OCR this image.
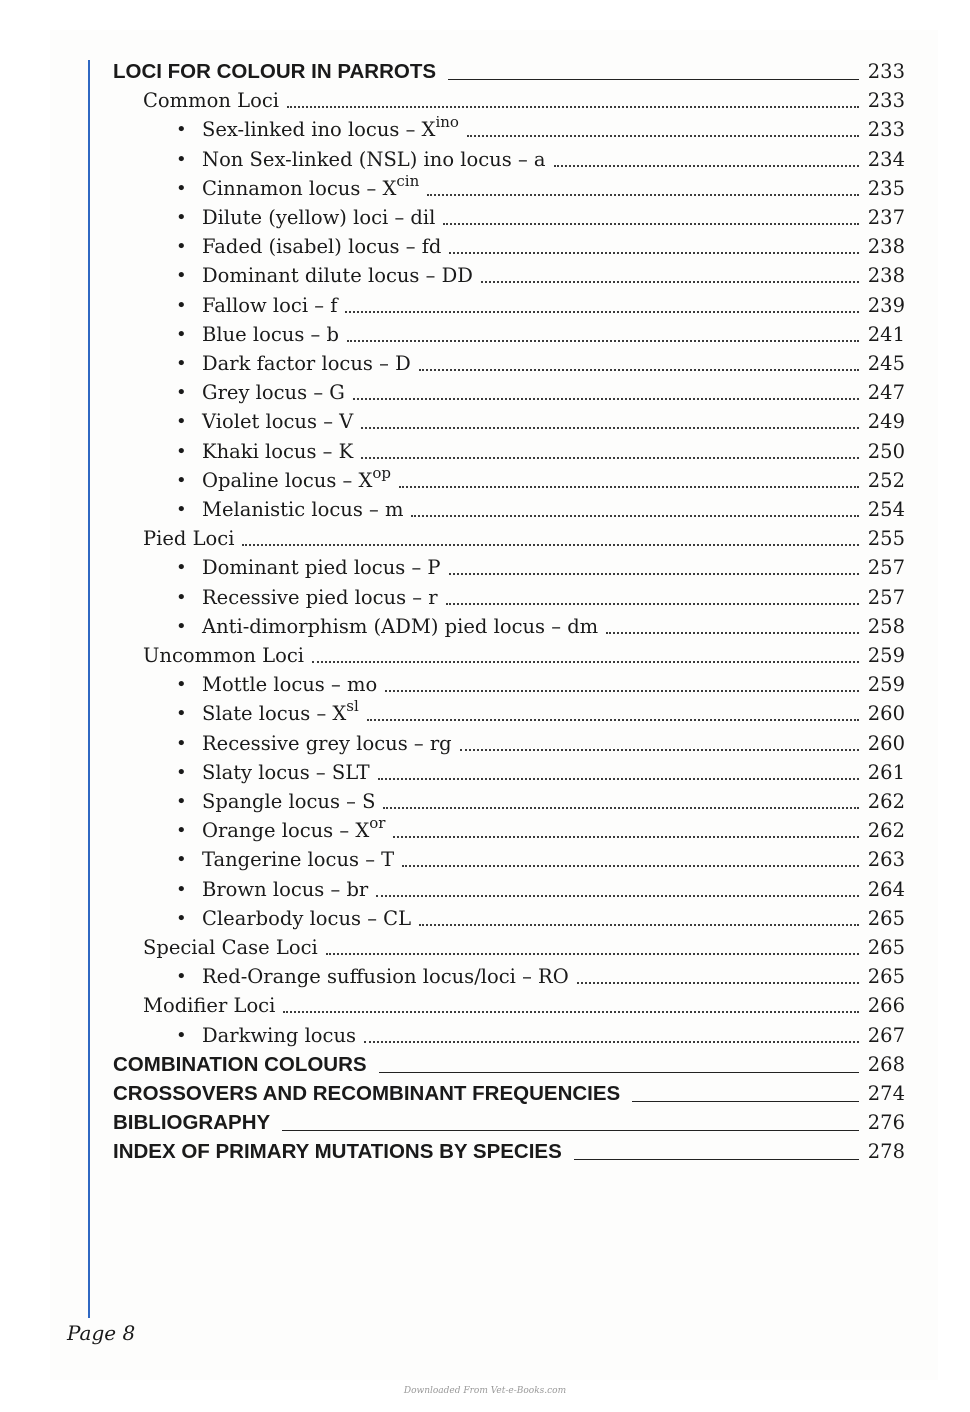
LOCI FOR COLOUR IN PARROTS	233
Common Loci	233
• Sex-linked ino locus – $X^{ino}$	233
• Non Sex-linked (NSL) ino locus – a	234
• Cinnamon locus – $X^{cin}$	235
• Dilute (yellow) loci – dil	237
• Faded (isabel) locus – fd	238
• Dominant dilute locus – DD	238
• Fallow loci – f	239
• Blue locus – b	241
• Dark factor locus – D	245
• Grey locus – G	247
• Violet locus – V	249
• Khaki locus – K	250
• Opaline locus – $X^{op}$	252
• Melanistic locus – m	254
Pied Loci	255
• Dominant pied locus – P	257
• Recessive pied locus – r	257
• Anti-dimorphism (ADM) pied locus – dm	258
Uncommon Loci	259
• Mottle locus – mo	259
• Slate locus – $X^{sl}$	260
• Recessive grey locus – rg	260
• Slaty locus – SLT	261
• Spangle locus – S	262
• Orange locus – $X^{or}$	262
• Tangerine locus – T	263
• Brown locus – br	264
• Clearbody locus – CL	265
Special Case Loci	265
• Red-Orange suffusion locus/loci – RO	265
Modifier Loci	266
• Darkwing locus	267
COMBINATION COLOURS	268
CROSSOVERS AND RECOMBINANT FREQUENCIES	274
BIBLIOGRAPHY	276
INDEX OF PRIMARY MUTATIONS BY SPECIES	278
Page 8
Downloaded From Vet-e-Books.com
